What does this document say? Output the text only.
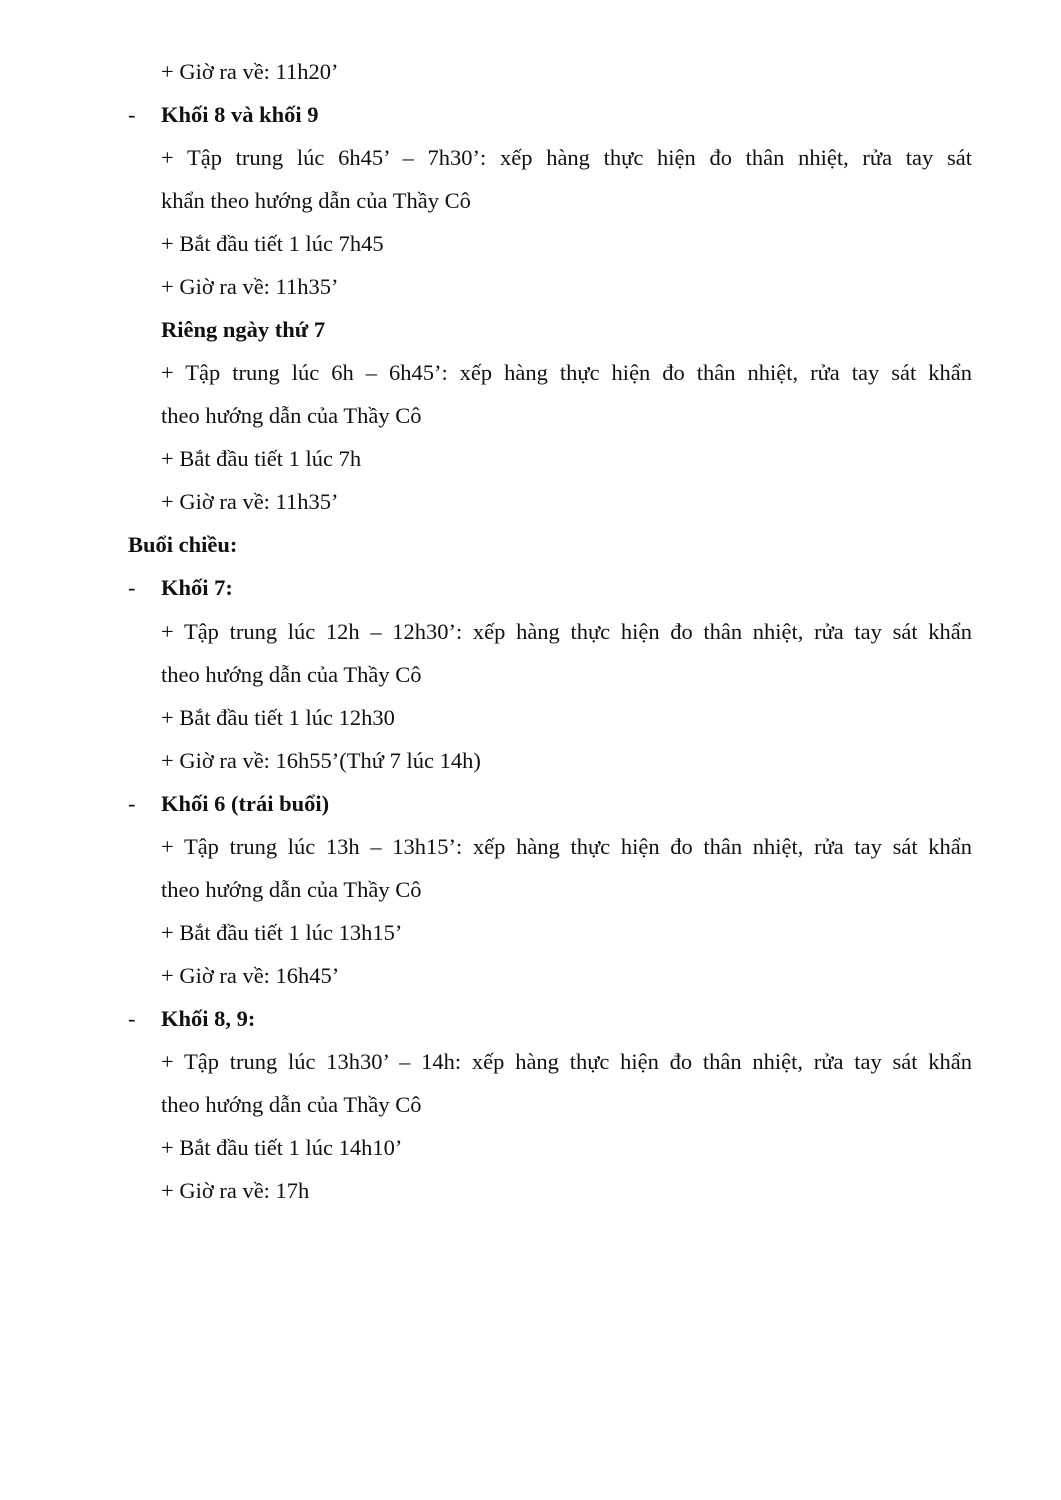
+ Giờ ra về: 11h20’
- Khối 8 và khối 9
+ Tập trung lúc 6h45’ – 7h30’: xếp hàng thực hiện đo thân nhiệt, rửa tay sát
khẩn theo hướng dẫn của Thầy Cô
+ Bắt đầu tiết 1 lúc 7h45
+ Giờ ra về: 11h35’
Riêng ngày thứ 7
+ Tập trung lúc 6h – 6h45’: xếp hàng thực hiện đo thân nhiệt, rửa tay sát khẩn
theo hướng dẫn của Thầy Cô
+ Bắt đầu tiết 1 lúc 7h
+ Giờ ra về: 11h35’
Buổi chiều:
- Khối 7:
+ Tập trung lúc 12h – 12h30’: xếp hàng thực hiện đo thân nhiệt, rửa tay sát khẩn
theo hướng dẫn của Thầy Cô
+ Bắt đầu tiết 1 lúc 12h30
+ Giờ ra về: 16h55’(Thứ 7 lúc 14h)
- Khối 6 (trái buổi)
+ Tập trung lúc 13h – 13h15’: xếp hàng thực hiện đo thân nhiệt, rửa tay sát khẩn
theo hướng dẫn của Thầy Cô
+ Bắt đầu tiết 1 lúc 13h15’
+ Giờ ra về: 16h45’
- Khối 8, 9:
+ Tập trung lúc 13h30’ – 14h: xếp hàng thực hiện đo thân nhiệt, rửa tay sát khẩn
theo hướng dẫn của Thầy Cô
+ Bắt đầu tiết 1 lúc 14h10’
+ Giờ ra về: 17h
